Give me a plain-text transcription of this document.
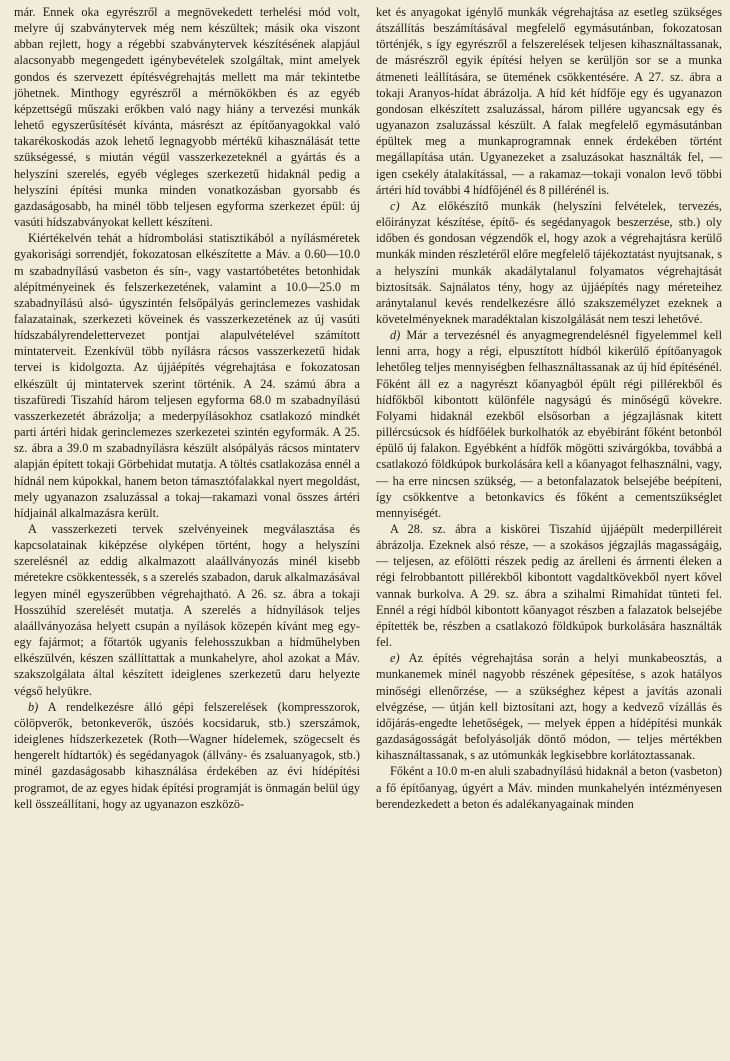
már. Ennek oka egyrészről a megnövekedett terhelési mód volt, melyre új szabványtervek még nem készültek; másik oka viszont abban rejlett, hogy a régebbi szabványtervek készítésének alapjául alacsonyabb megengedett igénybevételek szolgáltak, mint amelyek gondos és szervezett építésvégrehajtás mellett ma már tekintetbe jöhetnek. Minthogy egyrészről a mérnökökben és az egyéb képzettségű műszaki erőkben való nagy hiány a tervezési munkák lehető egyszerűsítését kívánta, másrészt az építőanyagokkal való takarékoskodás azok lehető legnagyobb mértékű kihasználását tette szükségessé, s miután végül vasszerkezeteknél a gyártás és a helyszíni szerelés, egyéb végleges szerkezetű hidaknál pedig a helyszíni építési munka minden vonatkozásban gyorsabb és gazdaságosabb, ha minél több teljesen egyforma szerkezet épül: új vasúti hídszabványokat kellett készíteni.

Kiértékelvén tehát a hídrombolási statisztikából a nyílásméretek gyakorisági sorrendjét, fokozatosan elkészítette a Máv. a 0.60—10.0 m szabadnyílású vasbeton és sín-, vagy vastartóbetétes betonhidak alépítményeinek és felszerkezetének, valamint a 10.0—25.0 m szabadnyílású alsó- úgyszintén felsőpályás gerinclemezes vashidak falazatainak, szerkezeti köveinek és vasszerkezetének az új vasúti hídszabályrendelettervezet pontjai alapulvételével számított mintaterveit. Ezenkívül több nyílásra rácsos vasszerkezetű hidak tervei is kidolgozta. Az újjáépítés végrehajtása e fokozatosan elkészült új mintatervek szerint történik. A 24. számú ábra a tiszafüredi Tiszahíd három teljesen egyforma 68.0 m szabadnyílású vasszerkezetét ábrázolja; a mederpyílásokhoz csatlakozó mindkét parti ártéri hidak gerinclemezes szerkezetei szintén egyformák. A 25. sz. ábra a 39.0 m szabadnyílásra készült alsópályás rácsos mintaterv alapján épített tokaji Görbehidat mutatja. A töltés csatlakozása ennél a hídnál nem kúpokkal, hanem beton támasztófalakkal nyert megoldást, mely ugyanazon zsaluzással a tokaj—rakamazi vonal összes ártéri hídjainál alkalmazásra került.

A vasszerkezeti tervek szelvényeinek megválasztása és kapcsolatainak kiképzése olyképen történt, hogy a helyszíni szerelésnél az eddig alkalmazott alaállványozás minél kisebb méretekre csökkentessék, s a szerelés szabadon, daruk alkalmazásával legyen minél egyszerűbben végrehajtható. A 26. sz. ábra a tokaji Hosszúhíd szerelését mutatja. A szerelés a hídnyílások teljes alaállványozása helyett csupán a nyílások közepén kívánt meg egy-egy fajármot; a főtartók ugyanis felehosszukban a hídműhelyben elkészülvén, készen szállíttattak a munkahelyre, ahol azokat a Máv. szakszolgálata által készített ideiglenes szerkezetű daru helyezte végső helyükre.

b) A rendelkezésre álló gépi felszerelések (kompresszorok, cölöpverők, betonkeverők, úszóés kocsidaruk, stb.) szerszámok, ideiglenes hídszerkezetek (Roth—Wagner hídelemek, szögecselt és hengerelt hídtartók) és segédanyagok (állvány- és zsaluanyagok, stb.) minél gazdaságosabb kihasználása érdekében az évi hídépítési programot, de az egyes hidak építési programját is önmagán belül úgy kell összeállítani, hogy az ugyanazon eszközö-

ket és anyagokat igénylő munkák végrehajtása az esetleg szükséges átszállítás beszámításával megfelelő egymásutánban, fokozatosan történjék, s így egyrészről a felszerelések teljesen kihasználtassanak, de másrészről egyik építési helyen se kerüljön sor se a munka átmeneti leállítására, se ütemének csökkentésére. A 27. sz. ábra a tokaji Aranyos-hídat ábrázolja. A híd két hídfője egy és ugyanazon gondosan elkészített zsaluzással, három pillére ugyancsak egy és ugyanazon zsaluzással készült. A falak megfelelő egymásutánban épültek meg a munkaprogramnak ennek érdekében történt megállapítása után. Ugyanezeket a zsaluzásokat használták fel, — igen csekély átalakítással, — a rakamaz—tokaji vonalon levő többi ártéri híd további 4 hídfőjénél és 8 pillérénél is.

c) Az előkészítő munkák (helyszíni felvételek, tervezés, előirányzat készítése, építő- és segédanyagok beszerzése, stb.) oly időben és gondosan végzendők el, hogy azok a végrehajtásra kerülő munkák minden részletéről előre megfelelő tájékoztatást nyujtsanak, s a helyszíni munkák akadálytalanul folyamatos végrehajtását biztosítsák. Sajnálatos tény, hogy az újjáépítés nagy méreteihez aránytalanul kevés rendelkezésre álló szakszemélyzet ezeknek a követelményeknek maradéktalan kiszolgálását nem teszi lehetővé.

d) Már a tervezésnél és anyagmegrendelésnél figyelemmel kell lenni arra, hogy a régi, elpusztított hídból kikerülő építőanyagok lehetőleg teljes mennyiségben felhasználtassanak az új híd építésénél. Főként áll ez a nagyrészt kőanyagból épült régi pillérekből és hídfőkből kibontott különféle nagyságú és minőségű kövekre. Folyami hidaknál ezekből elsősorban a jégzajlásnak kitett pillércsúcsok és hídfőélek burkolhatók az ebyébiránt főként betonból épülő új falakon. Egyébként a hídfők mögötti szivárgókba, továbbá a csatlakozó földkúpok burkolására kell a kőanyagot felhasználni, vagy, — ha erre nincsen szükség, — a betonfalazatok belsejébe beépíteni, így csökkentve a betonkavics és főként a cementszükséglet mennyiségét.

A 28. sz. ábra a kiskörei Tiszahíd újjáépült mederpilléreit ábrázolja. Ezeknek alsó része, — a szokásos jégzajlás magasságáig, — teljesen, az efölötti részek pedig az árelleni és árrnenti éleken a régi felrobbantott pillérekből kibontott vagdaltkövekből nyert kővel vannak burkolva. A 29. sz. ábra a szihalmi Rimahídat tünteti fel. Ennél a régi hídból kibontott kőanyagot részben a falazatok belsejébe építették be, részben a csatlakozó földkúpok burkolására használták fel.

e) Az építés végrehajtása során a helyi munkabeosztás, a munkanemek minél nagyobb részének gépesítése, s azok hatályos minőségi ellenőrzése, — a szükséghez képest a javítás azonali elvégzése, — útján kell biztosítani azt, hogy a kedvező vízállás és időjárás-engedte lehetőségek, — melyek éppen a hídépítési munkák gazdaságosságát befolyásolják döntő módon, — teljes mértékben kihasználtassanak, s az utómunkák legkisebbre korlátoztassanak.

Főként a 10.0 m-en aluli szabadnyílású hidaknál a beton (vasbeton) a fő építőanyag, úgyért a Máv. minden munkahelyén intézményesen berendezkedett a beton és adalékanyagainak minden
